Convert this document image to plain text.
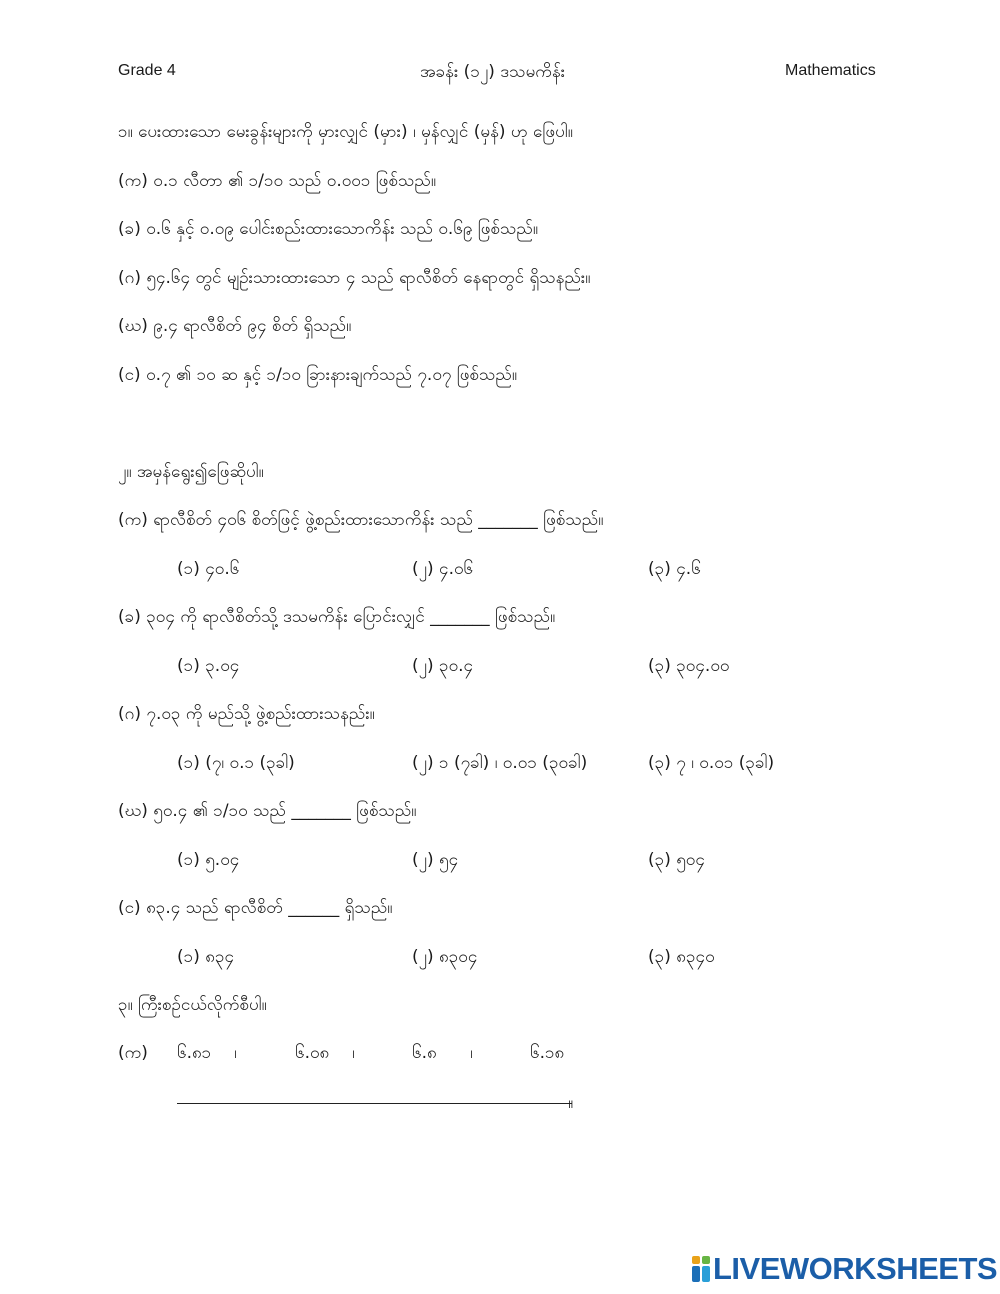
Grade 4	အခန်း (၁၂) ဒသမကိန်း	Mathematics
၁။ ပေးထားသော မေးခွန်းများကို မှားလျှင် (မှား) ၊ မှန်လျှင် (မှန်) ဟု ဖြေပါ။
(က) ၀.၁ လီတာ ၏ ၁/၁၀ သည် ၀.၀၀၁ ဖြစ်သည်။
(ခ) ၀.၆ နှင့် ၀.၀၉ ပေါင်းစည်းထားသောကိန်း သည် ၀.၆၉ ဖြစ်သည်။
(ဂ) ၅၄.၆၄ တွင် မျဉ်းသားထားသော ၄ သည် ရာလီစိတ် နေရာတွင် ရှိသနည်း။
(ဃ) ၉.၄ ရာလီစိတ် ၉၄ စိတ် ရှိသည်။
(င) ၀.၇ ၏ ၁၀ ဆ နှင့် ၁/၁၀ ခြားနားချက်သည် ၇.၀၇ ဖြစ်သည်။
၂။ အမှန်ရွေး၍ဖြေဆိုပါ။
(က) ရာလီစိတ် ၄၀၆ စိတ်ဖြင့် ဖွဲ့စည်းထားသောကိန်း သည် _______ ဖြစ်သည်။
(၁) ၄၀.၆	(၂) ၄.၀၆	(၃) ၄.၆
(ခ) ၃၀၄ ကို ရာလီစိတ်သို့ ဒသမကိန်း ပြောင်းလျှင် _______ ဖြစ်သည်။
(၁) ၃.၀၄	(၂) ၃၀.၄	(၃) ၃၀၄.၀၀
(ဂ) ၇.၀၃ ကို မည်သို့ ဖွဲ့စည်းထားသနည်း။
(၁) (၇၊ ၀.၁ (၃ခါ)	(၂) ၁ (၇ခါ) ၊ ၀.၀၁ (၃၀ခါ)	(၃) ၇ ၊ ၀.၀၁ (၃ခါ)
(ဃ) ၅၀.၄ ၏ ၁/၁၀ သည် _______ ဖြစ်သည်။
(၁) ၅.၀၄	(၂) ၅၄	(၃) ၅၀၄
(င) ၈၃.၄ သည် ရာလီစိတ် ______ ရှိသည်။
(၁) ၈၃၄	(၂) ၈၃၀၄	(၃) ၈၃၄၀
၃။ ကြီးစဉ်ငယ်လိုက်စီပါ။
(က) ၆.၈၁ ၊	၆.၀၈ ၊	၆.၈ ၊	၆.၁၈
။
LIVEWORKSHEETS
